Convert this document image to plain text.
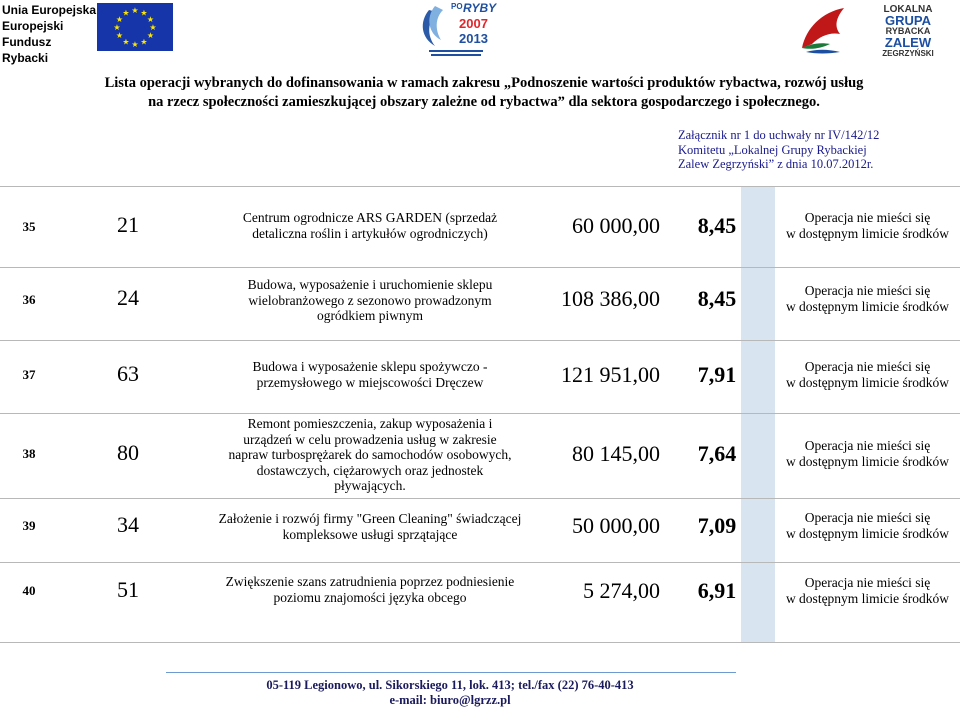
Unia Europejska
Europejski
Fundusz Rybacki
★ ★
★
★
★
★
★
★
★
★
★
★
PO RYBY
2007
2013
LOKALNA
GRUPA
RYBACKA
ZALEW
ZEGRZYŃSKI
Lista operacji wybranych do dofinansowania w ramach zakresu „Podnoszenie wartości produktów rybactwa, rozwój usług
na rzecz społeczności zamieszkującej obszary zależne od rybactwa” dla sektora gospodarczego i społecznego.
Załącznik nr 1 do uchwały nr IV/142/12
Komitetu „Lokalnej Grupy Rybackiej
Zalew Zegrzyński” z dnia 10.07.2012r.
35	21	Centrum ogrodnicze ARS GARDEN (sprzedaż
detaliczna roślin i artykułów ogrodniczych)	60 000,00	8,45	Operacja nie mieści się
w dostępnym limicie środków
36	24
Budowa, wyposażenie i uruchomienie sklepu
wielobranżowego z sezonowo prowadzonym
ogródkiem piwnym
108 386,00	8,45	Operacja nie mieści się
w dostępnym limicie środków
37	63	Budowa i wyposażenie sklepu spożywczo -
przemysłowego w miejscowości Dręczew	121 951,00	7,91	Operacja nie mieści się
w dostępnym limicie środków
38	80
Remont pomieszczenia, zakup wyposażenia i
urządzeń w celu prowadzenia usług w zakresie
napraw turbosprężarek do samochodów osobowych,
dostawczych, ciężarowych oraz jednostek
pływających.
80 145,00	7,64	Operacja nie mieści się
w dostępnym limicie środków
39	34	Założenie i rozwój firmy "Green Cleaning" świadczącej
kompleksowe usługi sprzątające	50 000,00	7,09	Operacja nie mieści się
w dostępnym limicie środków
40	51	Zwiększenie szans zatrudnienia poprzez podniesienie
poziomu znajomości języka obcego	5 274,00	6,91	Operacja nie mieści się
w dostępnym limicie środków
05-119 Legionowo, ul. Sikorskiego 11, lok. 413; tel./fax (22) 76-40-413
e-mail: biuro@lgrzz.pl
